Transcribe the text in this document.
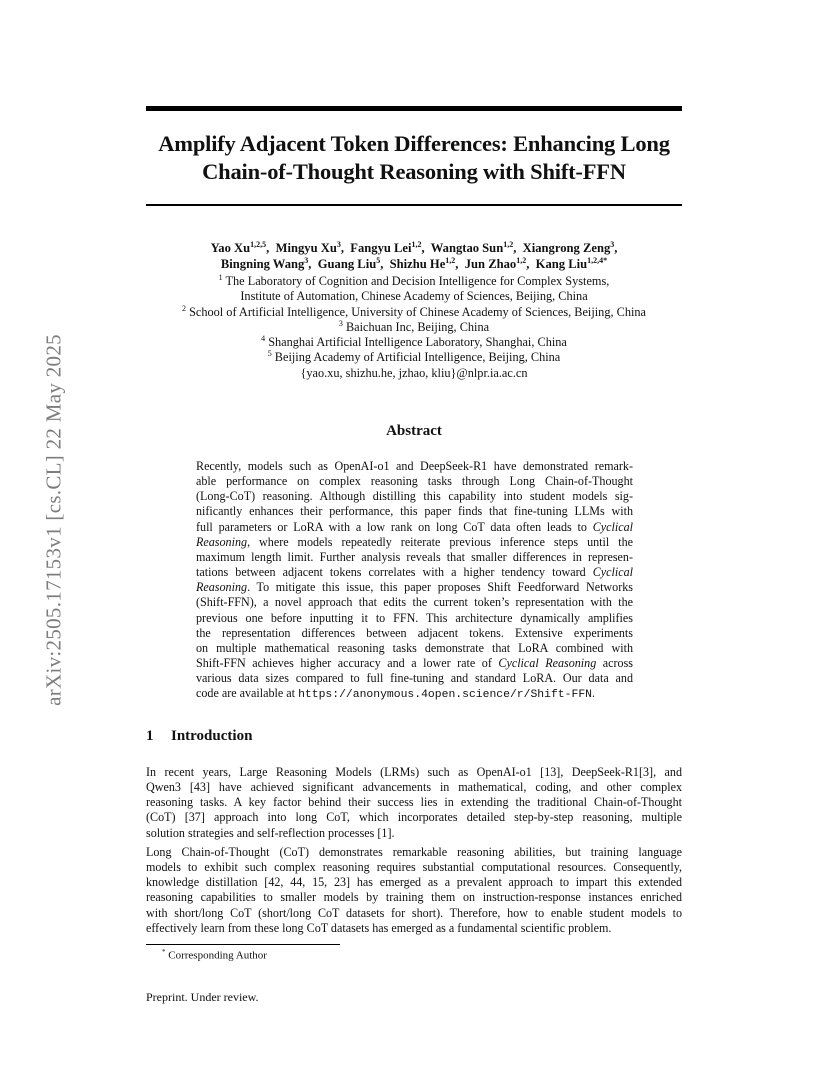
arXiv:2505.17153v1 [cs.CL] 22 May 2025
Amplify Adjacent Token Differences: Enhancing Long
Chain-of-Thought Reasoning with Shift-FFN
Yao Xu$^{1,2,5}$,  Mingyu Xu$^3$,  Fangyu Lei$^{1,2}$,  Wangtao Sun$^{1,2}$,  Xiangrong Zeng$^3$,
Bingning Wang$^3$,  Guang Liu$^5$,  Shizhu He$^{1,2}$,  Jun Zhao$^{1,2}$,  Kang Liu$^{1,2,4*}$
$^1$ The Laboratory of Cognition and Decision Intelligence for Complex Systems,
Institute of Automation, Chinese Academy of Sciences, Beijing, China
$^2$ School of Artificial Intelligence, University of Chinese Academy of Sciences, Beijing, China
$^3$ Baichuan Inc, Beijing, China
$^4$ Shanghai Artificial Intelligence Laboratory, Shanghai, China
$^5$ Beijing Academy of Artificial Intelligence, Beijing, China
{yao.xu, shizhu.he, jzhao, kliu}@nlpr.ia.ac.cn
Abstract
Recently, models such as OpenAI-o1 and DeepSeek-R1 have demonstrated remark-
able performance on complex reasoning tasks through Long Chain-of-Thought
(Long-CoT) reasoning. Although distilling this capability into student models sig-
nificantly enhances their performance, this paper finds that fine-tuning LLMs with
full parameters or LoRA with a low rank on long CoT data often leads to Cyclical
Reasoning, where models repeatedly reiterate previous inference steps until the
maximum length limit. Further analysis reveals that smaller differences in represen-
tations between adjacent tokens correlates with a higher tendency toward Cyclical
Reasoning. To mitigate this issue, this paper proposes Shift Feedforward Networks
(Shift-FFN), a novel approach that edits the current token’s representation with the
previous one before inputting it to FFN. This architecture dynamically amplifies
the representation differences between adjacent tokens. Extensive experiments
on multiple mathematical reasoning tasks demonstrate that LoRA combined with
Shift-FFN achieves higher accuracy and a lower rate of Cyclical Reasoning across
various data sizes compared to full fine-tuning and standard LoRA. Our data and
code are available at https://anonymous.4open.science/r/Shift-FFN.
1 Introduction
In recent years, Large Reasoning Models (LRMs) such as OpenAI-o1 [13], DeepSeek-R1[3], and
Qwen3 [43] have achieved significant advancements in mathematical, coding, and other complex
reasoning tasks. A key factor behind their success lies in extending the traditional Chain-of-Thought
(CoT) [37] approach into long CoT, which incorporates detailed step-by-step reasoning, multiple
solution strategies and self-reflection processes [1].
Long Chain-of-Thought (CoT) demonstrates remarkable reasoning abilities, but training language
models to exhibit such complex reasoning requires substantial computational resources. Consequently,
knowledge distillation [42, 44, 15, 23] has emerged as a prevalent approach to impart this extended
reasoning capabilities to smaller models by training them on instruction-response instances enriched
with short/long CoT (short/long CoT datasets for short). Therefore, how to enable student models to
effectively learn from these long CoT datasets has emerged as a fundamental scientific problem.
* Corresponding Author
Preprint. Under review.
